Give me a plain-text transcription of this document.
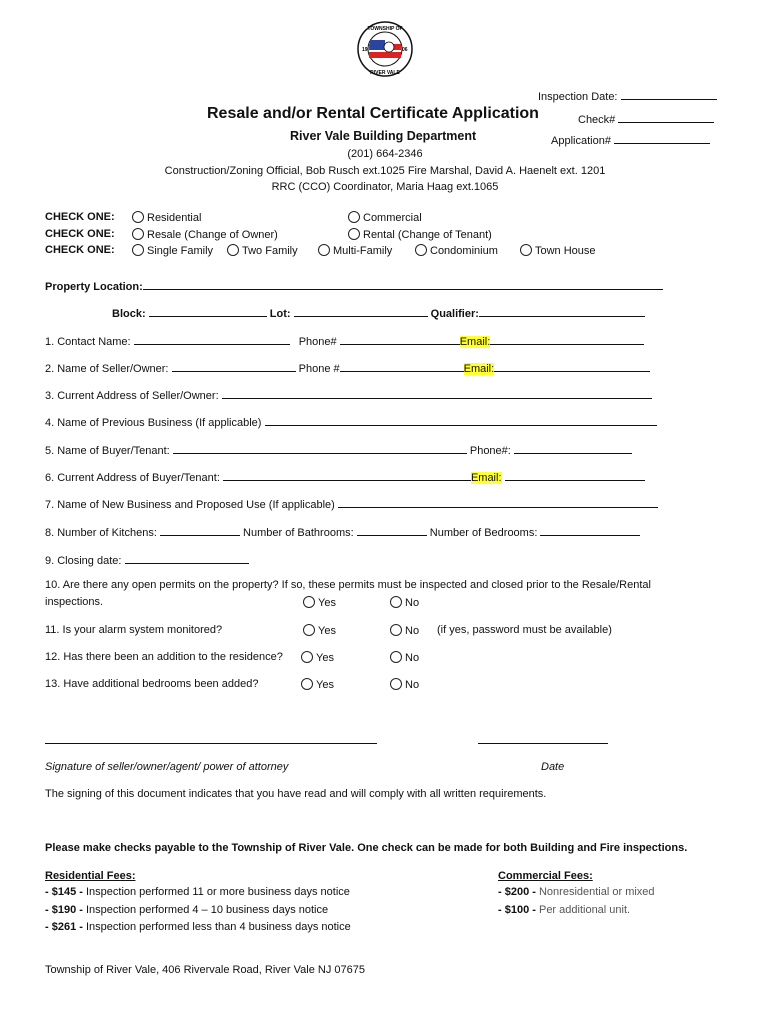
TOWNSHIP OF
RIVER VALE
19	06
Inspection Date:
Check#
Application#
Resale and/or Rental Certificate Application
River Vale Building Department
(201) 664-2346
Construction/Zoning Official, Bob Rusch ext.1025 Fire Marshal, David A. Haenelt ext. 1201
RRC (CCO) Coordinator, Maria Haag ext.1065
CHECK ONE:
CHECK ONE:
CHECK ONE:
Residential	Commercial
Resale (Change of Owner)	Rental (Change of Tenant)
Single Family	Two Family	Multi-Family	Condominium	Town House
Property Location:
Block:	Lot:	Qualifier:
1. Contact Name:	Phone#	Email:
2. Name of Seller/Owner:	Phone #	Email:
3. Current Address of Seller/Owner:
4. Name of Previous Business (If applicable)
5. Name of Buyer/Tenant:	Phone#:
6. Current Address of Buyer/Tenant:	Email:
7. Name of New Business and Proposed Use (If applicable)
8. Number of Kitchens:	Number of Bathrooms:	Number of Bedrooms:
9. Closing date:
10. Are there any open permits on the property? If so, these permits must be inspected and closed prior to the Resale/Rental
inspections.	Yes	No
11. Is your alarm system monitored?	Yes	No (if yes, password must be available)
12. Has there been an addition to the residence?	Yes	No
13. Have additional bedrooms been added?	Yes	No
Signature of seller/owner/agent/ power of attorney	Date
The signing of this document indicates that you have read and will comply with all written requirements.
Please make checks payable to the Township of River Vale. One check can be made for both Building and Fire inspections.
Residential Fees:
- $145 - Inspection performed 11 or more business days notice
- $190 - Inspection performed 4 – 10 business days notice
- $261 - Inspection performed less than 4 business days notice
Commercial Fees:
- $200 - Nonresidential or mixed
- $100 - Per additional unit.
Township of River Vale, 406 Rivervale Road, River Vale NJ 07675
